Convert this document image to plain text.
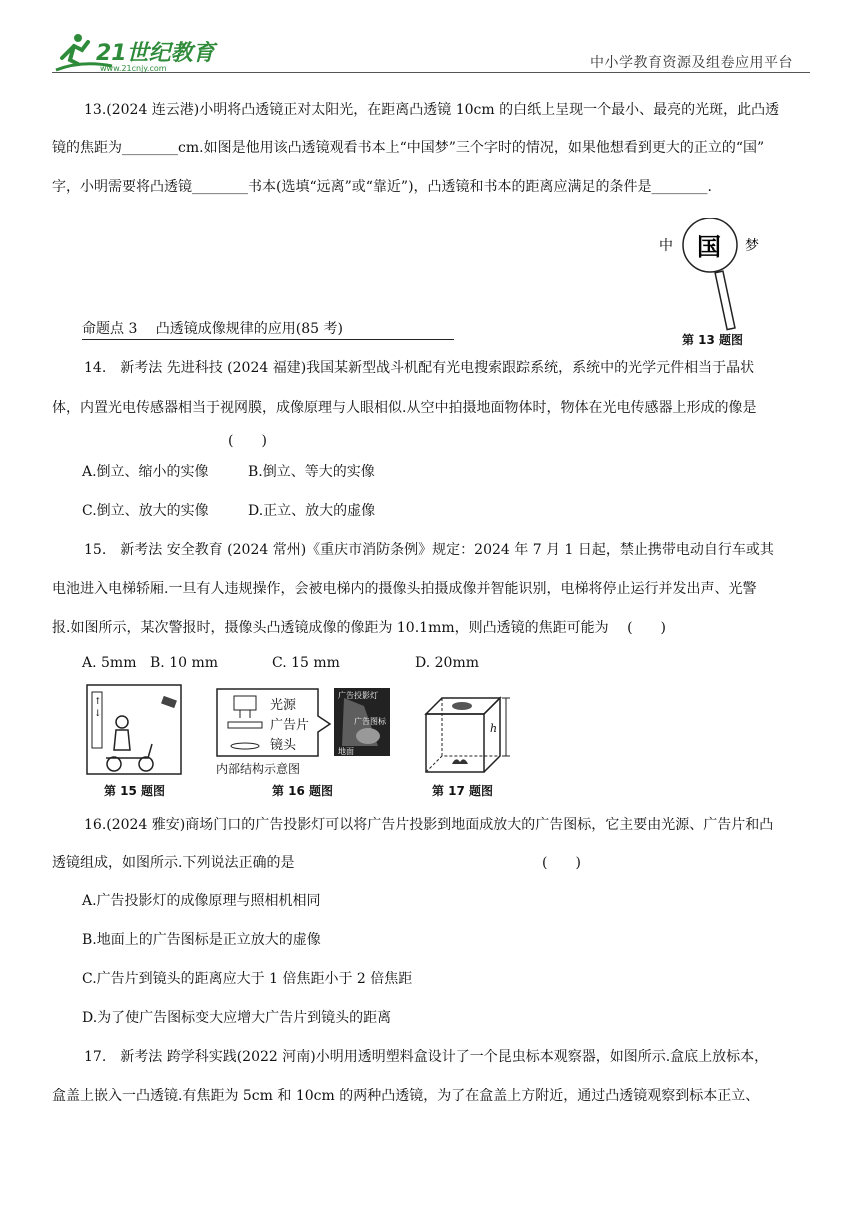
21世纪教育
www.21cnjy.com	中小学教育资源及组卷应用平台
13.(2024 连云港)小明将凸透镜正对太阳光，在距离凸透镜 10cm 的白纸上呈现一个最小、最亮的光斑，此凸透
镜的焦距为________cm.如图是他用该凸透镜观看书本上“中国梦”三个字时的情况，如果他想看到更大的正立的“国”
字，小明需要将凸透镜________书本(选填“远离”或“靠近”)，凸透镜和书本的距离应满足的条件是________.
中 国 梦
第 13 题图
命题点 3　 凸透镜成像规律的应用(85 考)
14.　新考法 先进科技 (2024 福建)我国某新型战斗机配有光电搜索跟踪系统，系统中的光学元件相当于晶状
体，内置光电传感器相当于视网膜，成像原理与人眼相似.从空中拍摄地面物体时，物体在光电传感器上形成的像是
(　　)
A.倒立、缩小的实像	B.倒立、等大的实像
C.倒立、放大的实像	D.正立、放大的虚像
15.　新考法 安全教育 (2024 常州)《重庆市消防条例》规定：2024 年 7 月 1 日起，禁止携带电动自行车或其
电池进入电梯轿厢.一旦有人违规操作，会被电梯内的摄像头拍摄成像并智能识别，电梯将停止运行并发出声、光警
报.如图所示，某次警报时，摄像头凸透镜成像的像距为 10.1mm，则凸透镜的焦距可能为　 (　　)
A. 5mm B. 10 mm	C. 15 mm	D. 20mm
↑
↓
第 15 题图
光源
广告片
镜头
内部结构示意图
广告投影灯
广告图标
地面
第 16 题图
h
第 17 题图
16.(2024 雅安)商场门口的广告投影灯可以将广告片投影到地面成放大的广告图标，它主要由光源、广告片和凸
透镜组成，如图所示.下列说法正确的是	(　　)
A.广告投影灯的成像原理与照相机相同
B.地面上的广告图标是正立放大的虚像
C.广告片到镜头的距离应大于 1 倍焦距小于 2 倍焦距
D.为了使广告图标变大应增大广告片到镜头的距离
17.　新考法 跨学科实践(2022 河南)小明用透明塑料盒设计了一个昆虫标本观察器，如图所示.盒底上放标本，
盒盖上嵌入一凸透镜.有焦距为 5cm 和 10cm 的两种凸透镜，为了在盒盖上方附近，通过凸透镜观察到标本正立、
